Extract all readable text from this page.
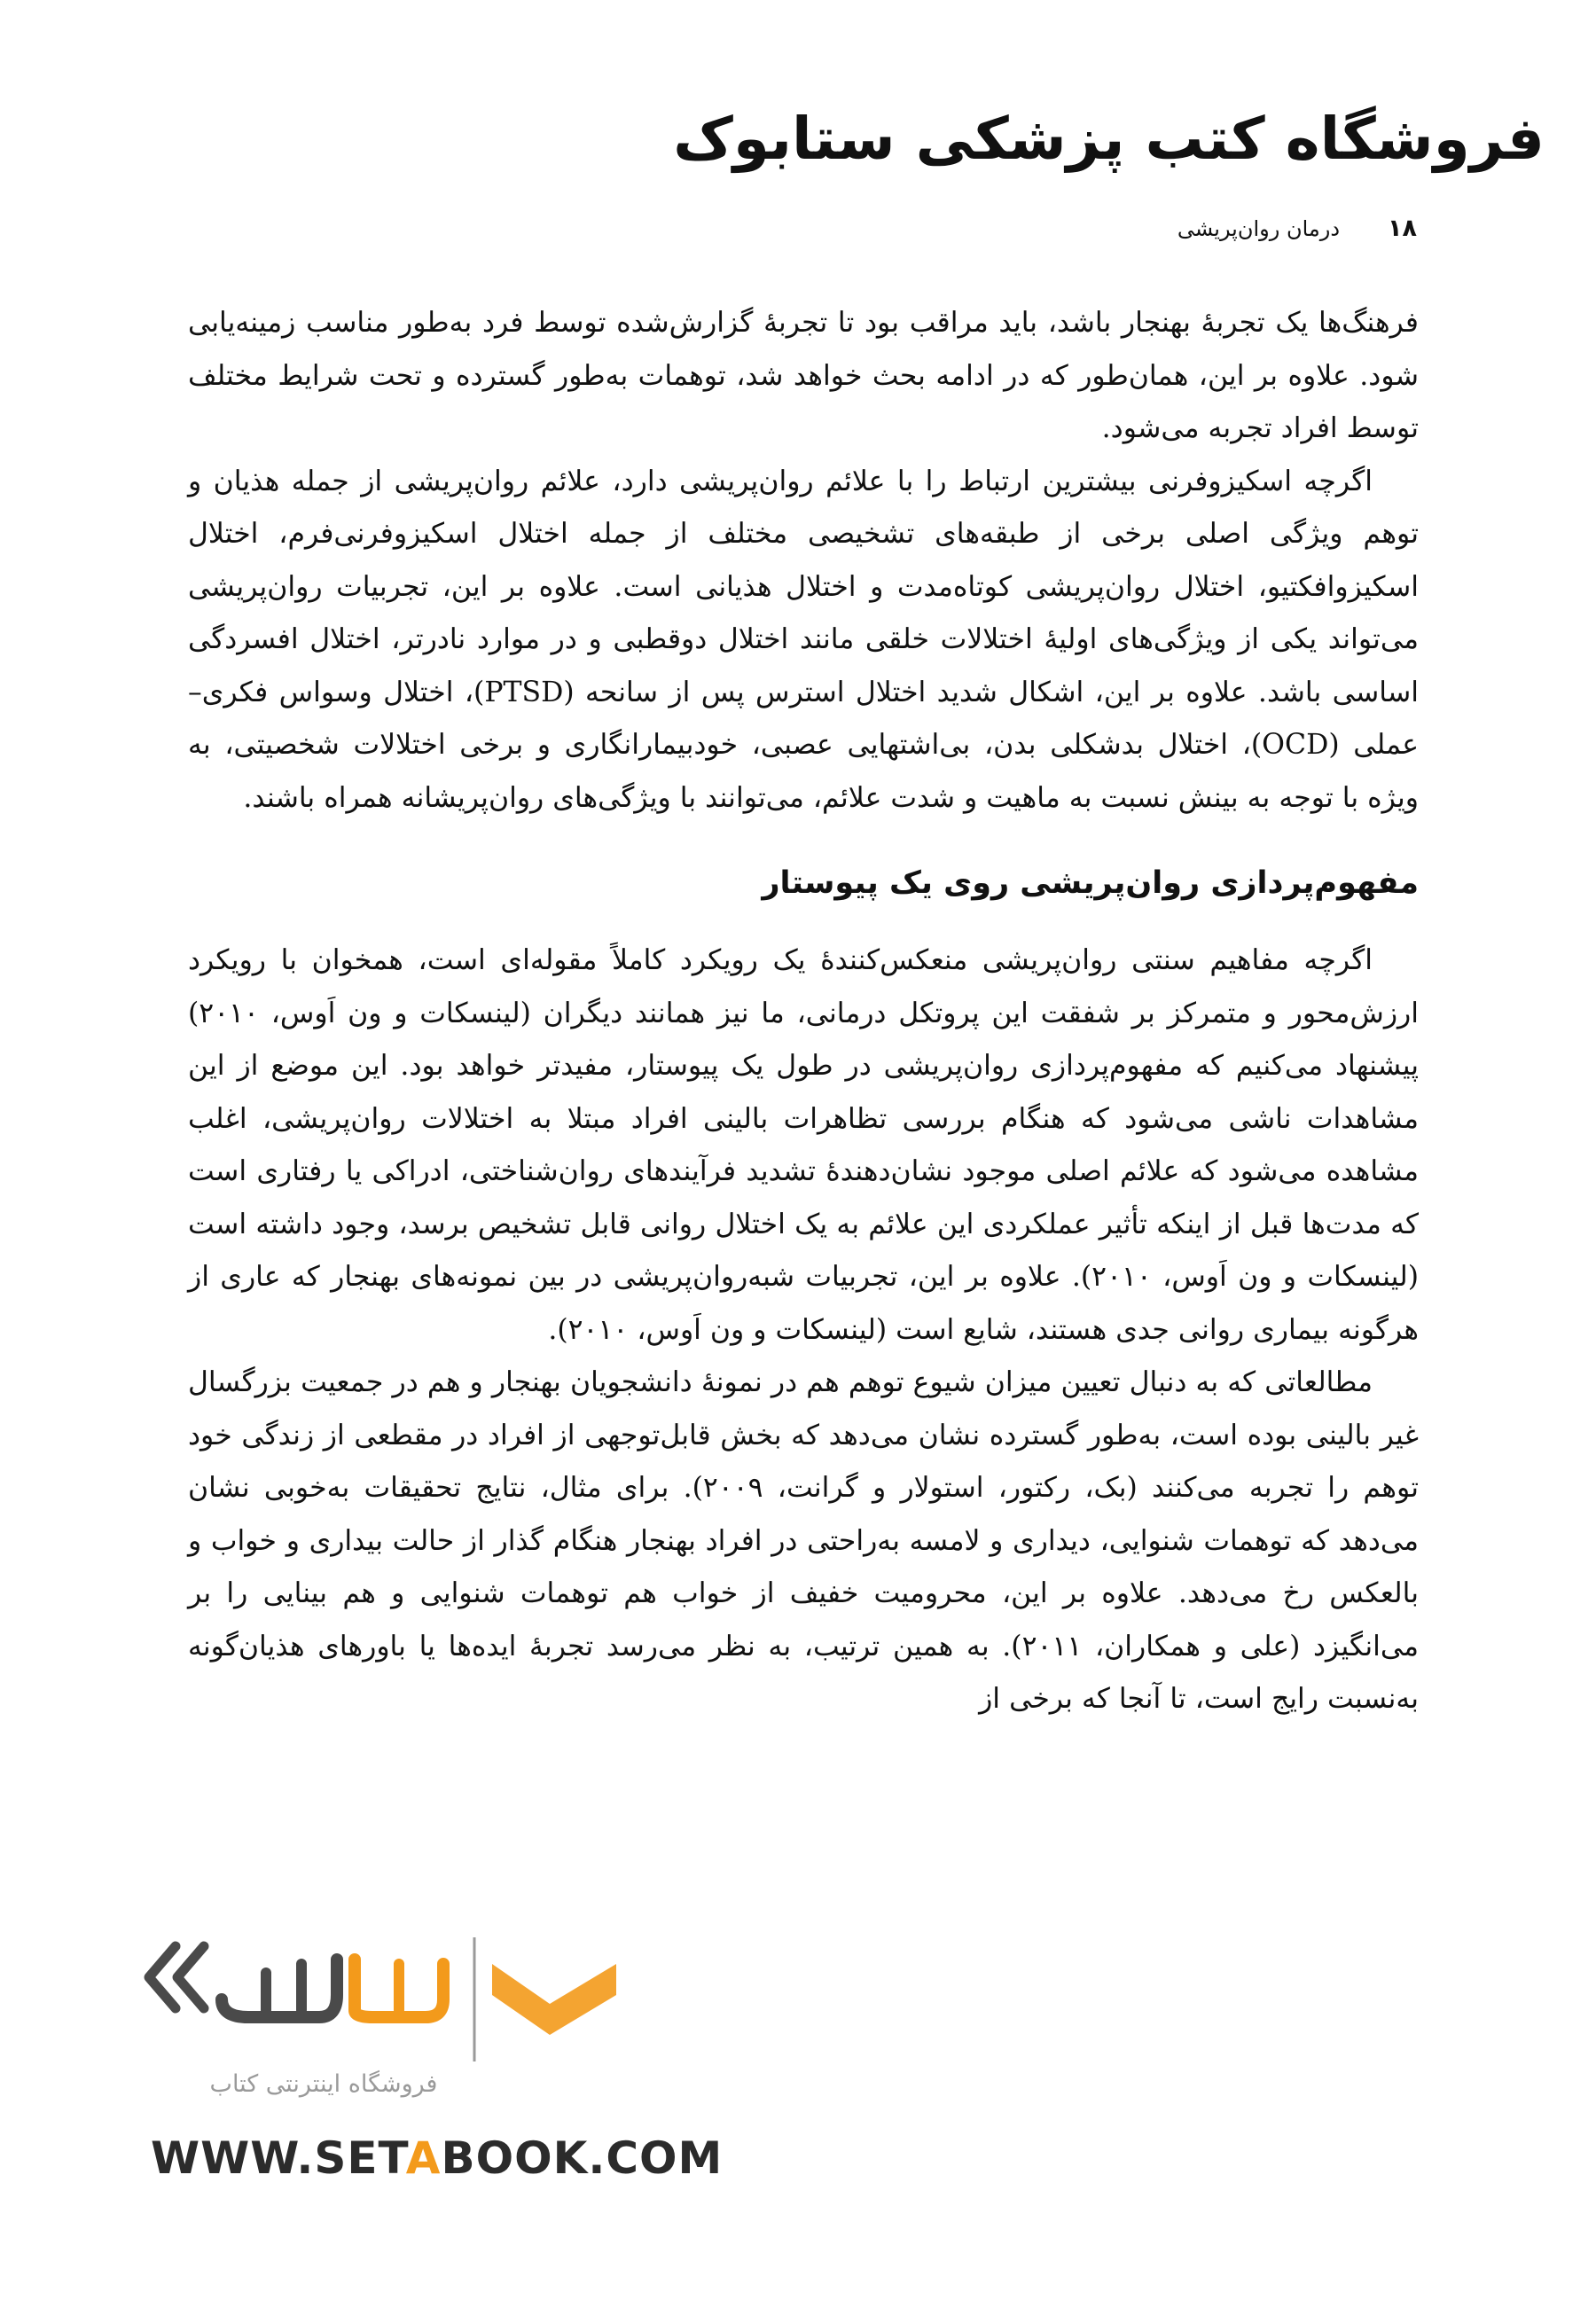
فروشگاه کتب پزشکی ستابوک
۱۸
درمان روان‌پریشی

فرهنگ‌ها یک تجربهٔ بهنجار باشد، باید مراقب بود تا تجربهٔ گزارش‌شده توسط فرد به‌طور مناسب زمینه‌یابی شود. علاوه بر این، همان‌طور که در ادامه بحث خواهد شد، توهمات به‌طور گسترده و تحت شرایط مختلف توسط افراد تجربه می‌شود.

اگرچه اسکیزوفرنی بیشترین ارتباط را با علائم روان‌پریشی دارد، علائم روان‌پریشی از جمله هذیان و توهم ویژگی اصلی برخی از طبقه‌های تشخیصی مختلف از جمله اختلال اسکیزوفرنی‌فرم، اختلال اسکیزوافکتیو، اختلال روان‌پریشی کوتاه‌مدت و اختلال هذیانی است. علاوه بر این، تجربیات روان‌پریشی می‌تواند یکی از ویژگی‌های اولیهٔ اختلالات خلقی مانند اختلال دوقطبی و در موارد نادرتر، اختلال افسردگی اساسی باشد. علاوه بر این، اشکال شدید اختلال استرس پس از سانحه (PTSD)، اختلال وسواس فکری–عملی (OCD)، اختلال بدشکلی بدن، بی‌اشتهایی عصبی، خودبیمارانگاری و برخی اختلالات شخصیتی، به ویژه با توجه به بینش نسبت به ماهیت و شدت علائم، می‌توانند با ویژگی‌های روان‌پریشانه همراه باشند.

مفهوم‌پردازی روان‌پریشی روی یک پیوستار

اگرچه مفاهیم سنتی روان‌پریشی منعکس‌کنندهٔ یک رویکرد کاملاً مقوله‌ای است، همخوان با رویکرد ارزش‌محور و متمرکز بر شفقت این پروتکل درمانی، ما نیز همانند دیگران (لینسکات و ون اَوس، ۲۰۱۰) پیشنهاد می‌کنیم که مفهوم‌پردازی روان‌پریشی در طول یک پیوستار، مفیدتر خواهد بود. این موضع از این مشاهدات ناشی می‌شود که هنگام بررسی تظاهرات بالینی افراد مبتلا به اختلالات روان‌پریشی، اغلب مشاهده می‌شود که علائم اصلی موجود نشان‌دهندهٔ تشدید فرآیندهای روان‌شناختی، ادراکی یا رفتاری است که مدت‌ها قبل از اینکه تأثیر عملکردی این علائم به یک اختلال روانی قابل تشخیص برسد، وجود داشته است (لینسکات و ون اَوس، ۲۰۱۰). علاوه بر این، تجربیات شبه‌روان‌پریشی در بین نمونه‌های بهنجار که عاری از هرگونه بیماری روانی جدی هستند، شایع است (لینسکات و ون اَوس، ۲۰۱۰).

مطالعاتی که به دنبال تعیین میزان شیوع توهم هم در نمونهٔ دانشجویان بهنجار و هم در جمعیت بزرگسال غیر بالینی بوده است، به‌طور گسترده نشان می‌دهد که بخش قابل‌توجهی از افراد در مقطعی از زندگی خود توهم را تجربه می‌کنند (بک، رکتور، استولار و گرانت، ۲۰۰۹). برای مثال، نتایج تحقیقات به‌خوبی نشان می‌دهد که توهمات شنوایی، دیداری و لامسه به‌راحتی در افراد بهنجار هنگام گذار از حالت بیداری و خواب و بالعکس رخ می‌دهد. علاوه بر این، محرومیت خفیف از خواب هم توهمات شنوایی و هم بینایی را بر می‌انگیزد (علی و همکاران، ۲۰۱۱). به همین ترتیب، به نظر می‌رسد تجربهٔ ایده‌ها یا باورهای هذیان‌گونه به‌نسبت رایج است، تا آنجا که برخی از

فروشگاه اینترنتی کتاب
WWW.SETABOOK.COM
